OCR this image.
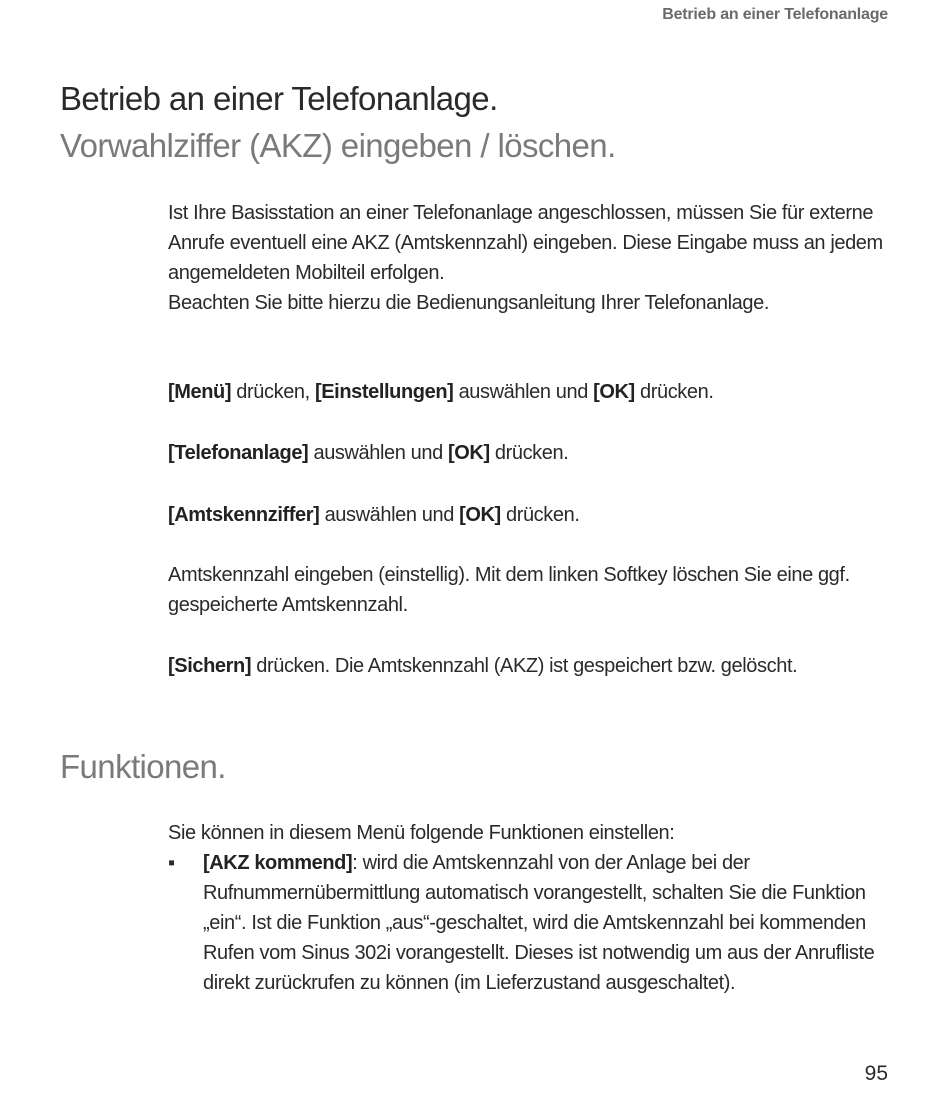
Betrieb an einer Telefonanlage
Betrieb an einer Telefonanlage.
Vorwahlziffer (AKZ) eingeben / löschen.

Ist Ihre Basisstation an einer Telefonanlage angeschlossen, müssen Sie für externe Anrufe eventuell eine AKZ (Amtskennzahl) eingeben. Diese Eingabe muss an jedem angemeldeten Mobilteil erfolgen.

Beachten Sie bitte hierzu die Bedienungsanleitung Ihrer Telefonanlage.

[Menü] drücken, [Einstellungen] auswählen und [OK] drücken.
[Telefonanlage] auswählen und [OK] drücken.
[Amtskennziffer] auswählen und [OK] drücken.
Amtskennzahl eingeben (einstellig). Mit dem linken Softkey löschen Sie eine ggf. gespeicherte Amtskennzahl.
[Sichern] drücken. Die Amtskennzahl (AKZ) ist gespeichert bzw. gelöscht.
Funktionen.
Sie können in diesem Menü folgende Funktionen einstellen:
▪	[AKZ kommend]: wird die Amtskennzahl von der Anlage bei der Rufnummernübermittlung automatisch vorangestellt, schalten Sie die Funktion „ein“. Ist die Funktion „aus“-geschaltet, wird die Amtskennzahl bei kommenden Rufen vom Sinus 302i vorangestellt. Dieses ist notwendig um aus der Anrufliste direkt zurückrufen zu können (im Lieferzustand ausgeschaltet).
95
